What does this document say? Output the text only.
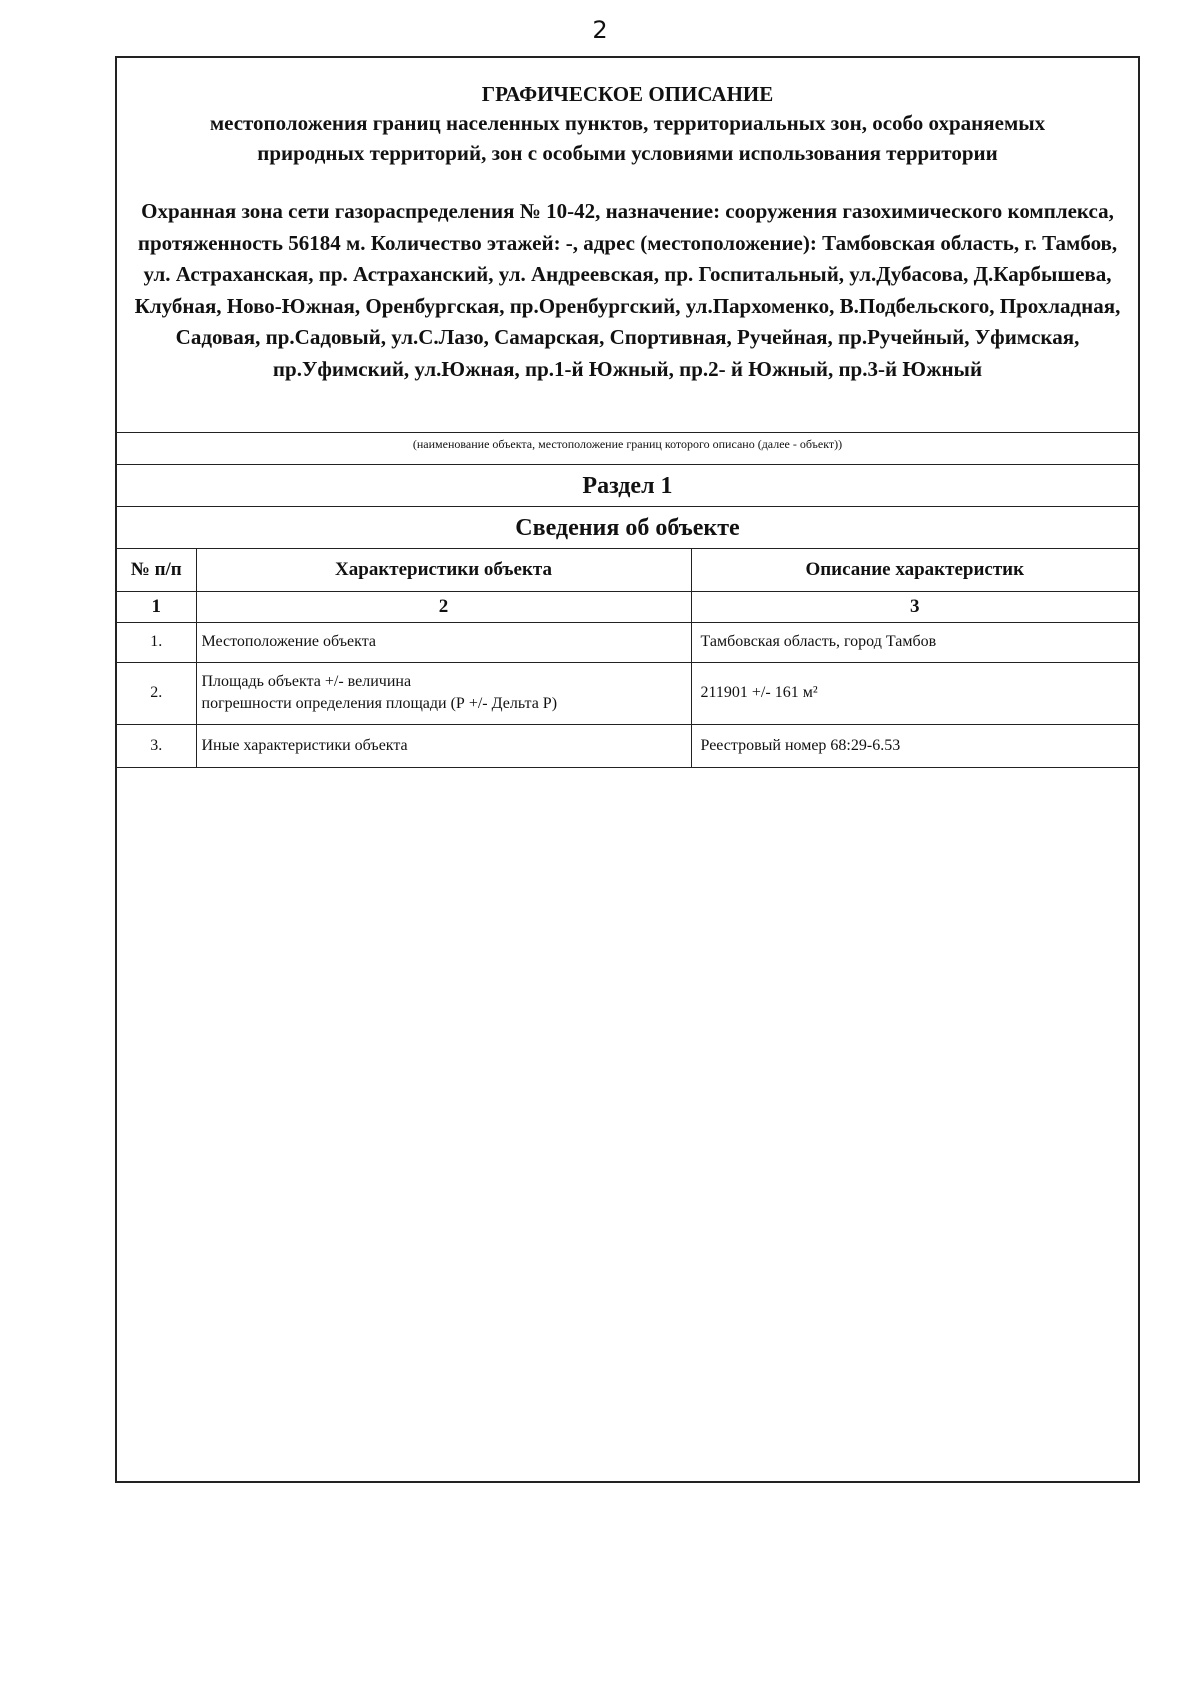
2
ГРАФИЧЕСКОЕ ОПИСАНИЕ
местоположения границ населенных пунктов, территориальных зон, особо охраняемых природных территорий, зон с особыми условиями использования территории
Охранная зона сети газораспределения № 10-42, назначение: сооружения газохимического комплекса, протяженность 56184 м. Количество этажей: -, адрес (местоположение): Тамбовская область, г. Тамбов, ул. Астраханская, пр. Астраханский, ул. Андреевская, пр. Госпитальный, ул.Дубасова, Д.Карбышева, Клубная, Ново-Южная, Оренбургская, пр.Оренбургский, ул.Пархоменко, В.Подбельского, Прохладная, Садовая, пр.Садовый, ул.С.Лазо, Самарская, Спортивная, Ручейная, пр.Ручейный, Уфимская, пр.Уфимский, ул.Южная, пр.1-й Южный, пр.2- й Южный, пр.3-й Южный
(наименование объекта, местоположение границ которого описано (далее - объект))
Раздел 1
Сведения об объекте
№ п/п	Характеристики объекта	Описание характеристик
1	2	3
1.	Местоположение объекта	Тамбовская область, город Тамбов
2.	Площадь объекта +/- величина
погрешности определения площади (Р +/- Дельта Р)	211901 +/- 161 м²
3.	Иные характеристики объекта	Реестровый номер 68:29-6.53
